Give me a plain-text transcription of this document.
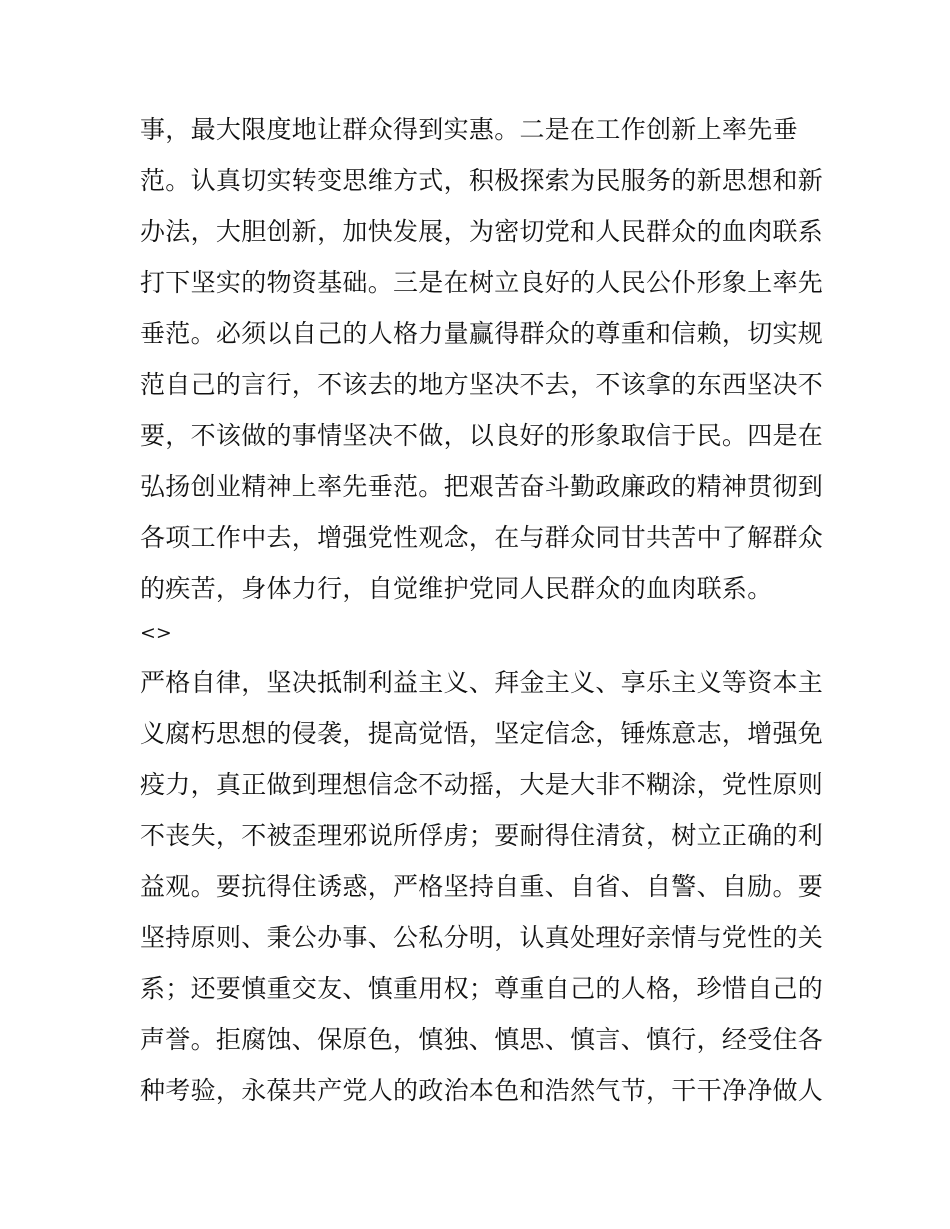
事，最大限度地让群众得到实惠。二是在工作创新上率先垂
范。认真切实转变思维方式，积极探索为民服务的新思想和新
办法，大胆创新，加快发展，为密切党和人民群众的血肉联系
打下坚实的物资基础。三是在树立良好的人民公仆形象上率先
垂范。必须以自己的人格力量赢得群众的尊重和信赖，切实规
范自己的言行，不该去的地方坚决不去，不该拿的东西坚决不
要，不该做的事情坚决不做，以良好的形象取信于民。四是在
弘扬创业精神上率先垂范。把艰苦奋斗勤政廉政的精神贯彻到
各项工作中去，增强党性观念，在与群众同甘共苦中了解群众
的疾苦，身体力行，自觉维护党同人民群众的血肉联系。
<>
严格自律，坚决抵制利益主义、拜金主义、享乐主义等资本主
义腐朽思想的侵袭，提高觉悟，坚定信念，锤炼意志，增强免
疫力，真正做到理想信念不动摇，大是大非不糊涂，党性原则
不丧失，不被歪理邪说所俘虏；要耐得住清贫，树立正确的利
益观。要抗得住诱惑，严格坚持自重、自省、自警、自励。要
坚持原则、秉公办事、公私分明，认真处理好亲情与党性的关
系；还要慎重交友、慎重用权；尊重自己的人格，珍惜自己的
声誉。拒腐蚀、保原色，慎独、慎思、慎言、慎行，经受住各
种考验，永葆共产党人的政治本色和浩然气节，干干净净做人
